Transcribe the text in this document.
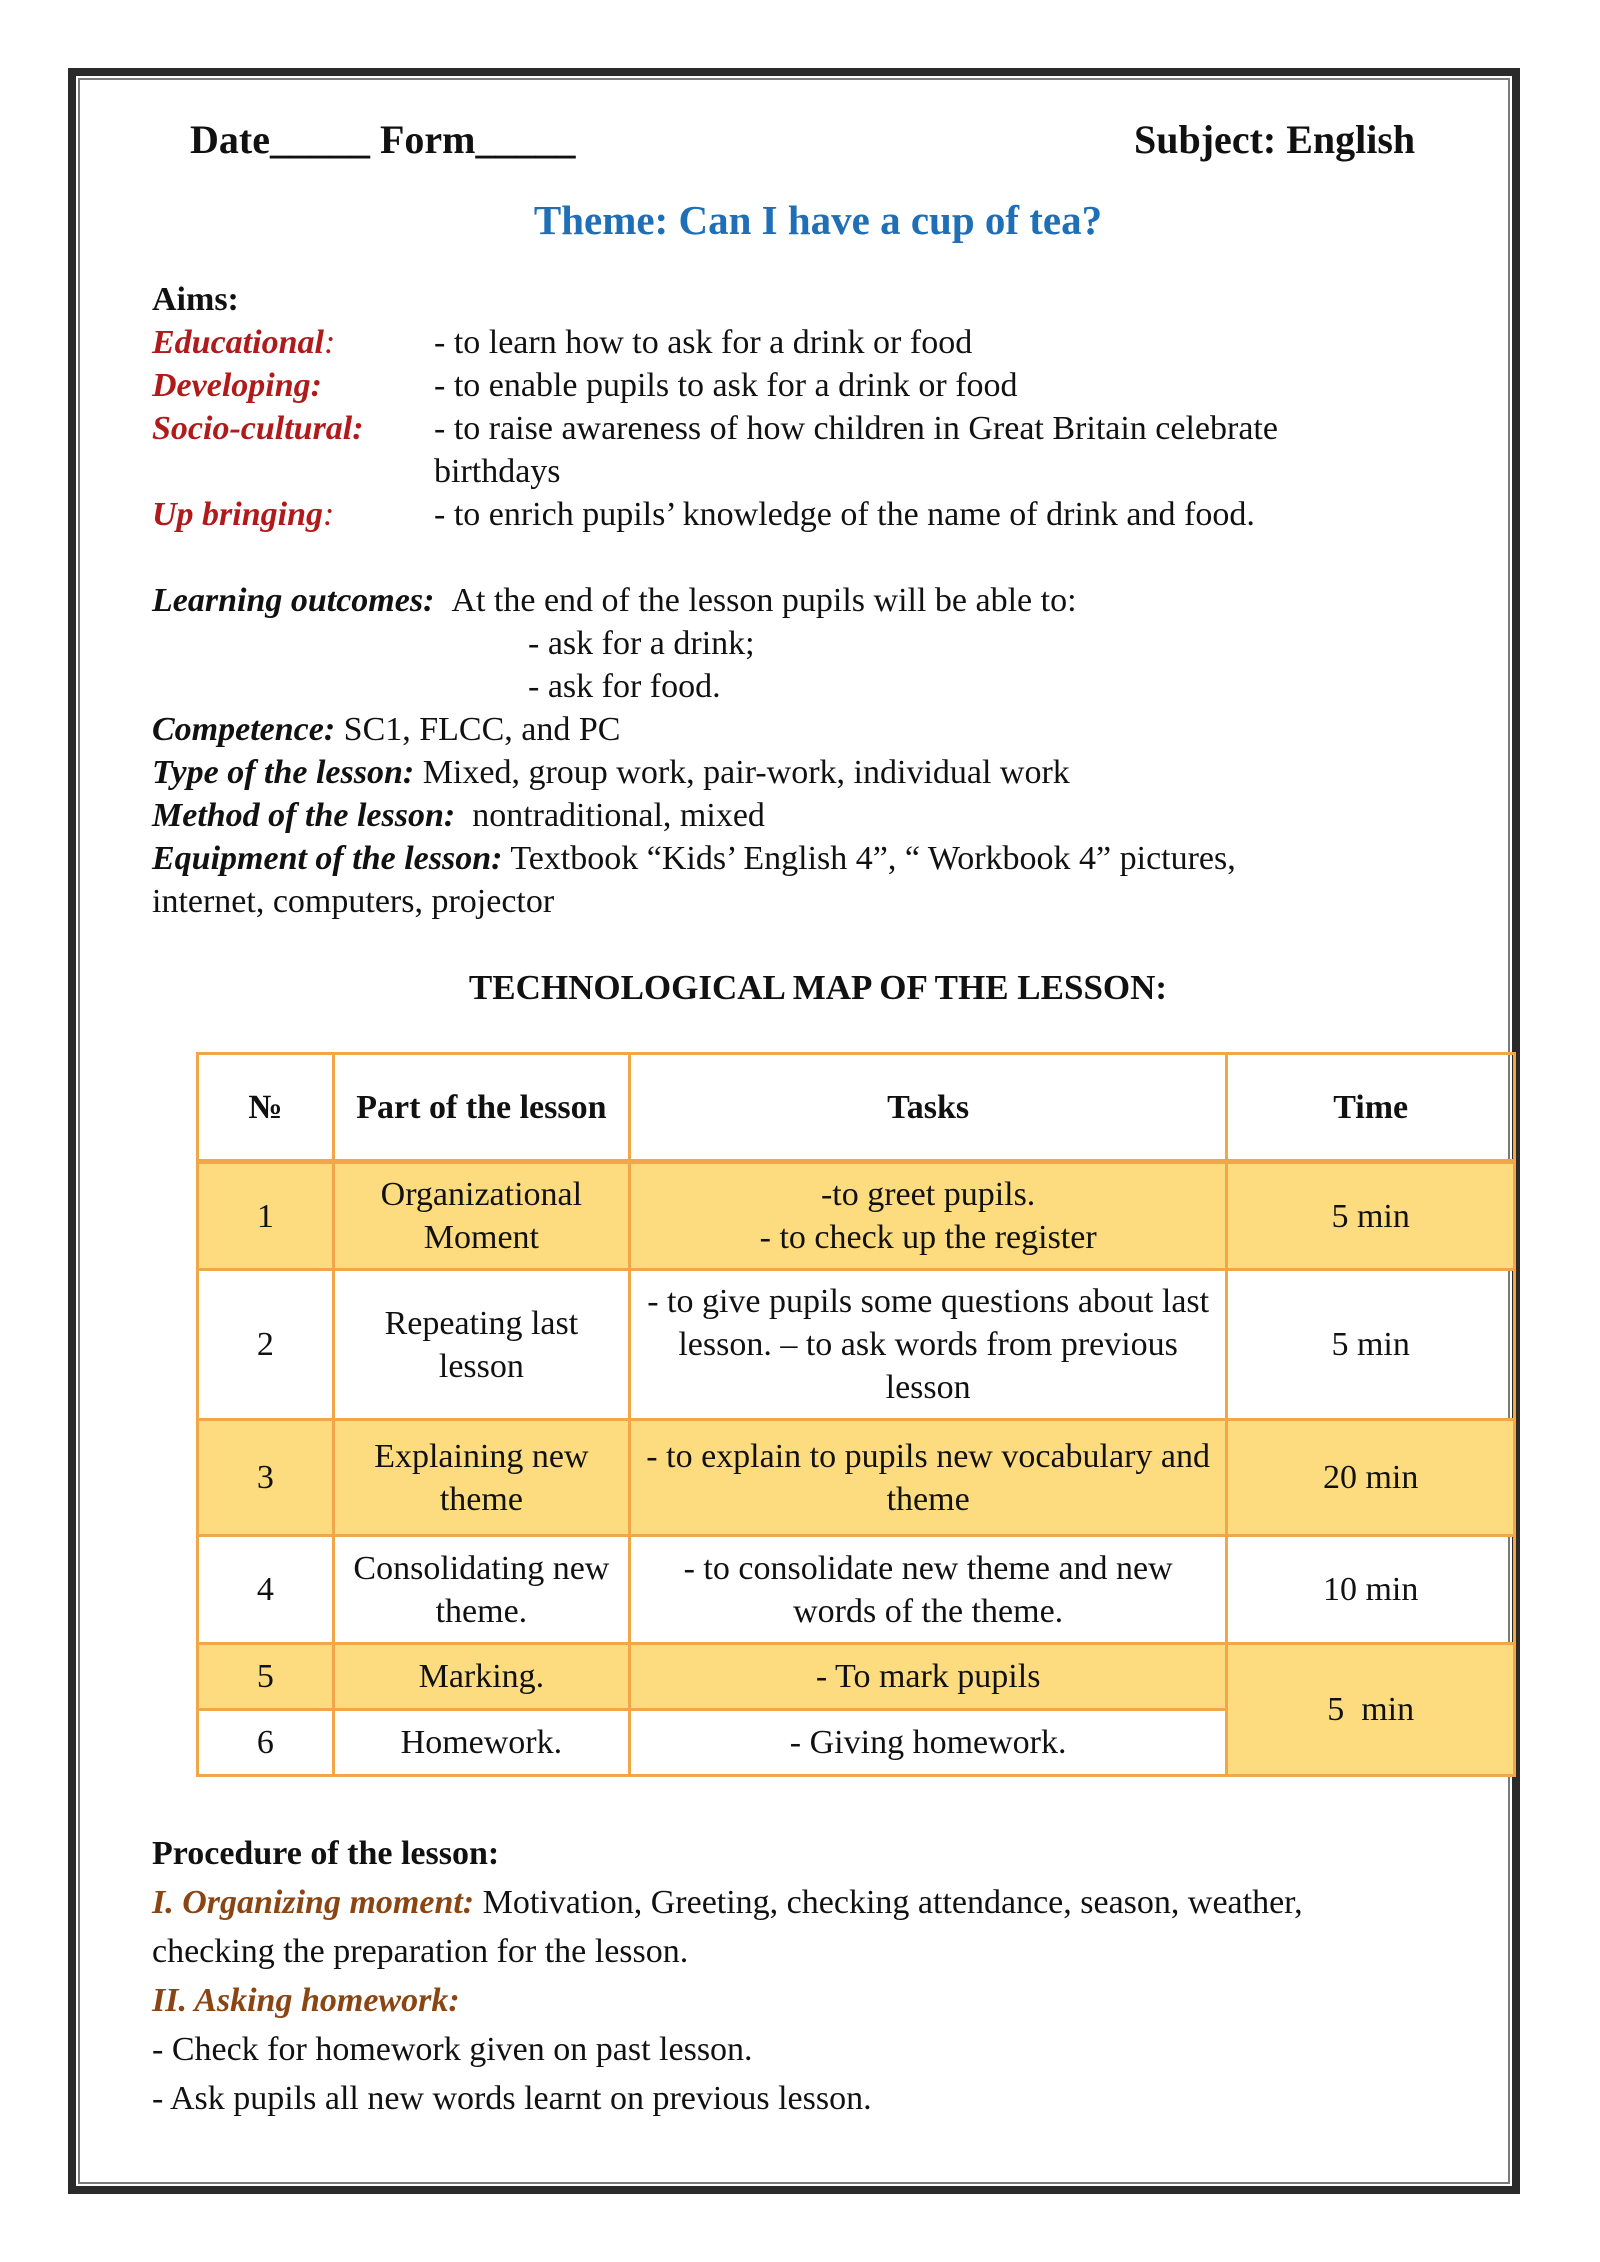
Date_____ Form_____	Subject: English
Theme: Can I have a cup of tea?
Aims:
Educational:	- to learn how to ask for a drink or food
Developing:	- to enable pupils to ask for a drink or food
Socio-cultural: - to raise awareness of how children in Great Britain celebrate
birthdays
Up bringing:	- to enrich pupils’ knowledge of the name of drink and food.
Learning outcomes: At the end of the lesson pupils will be able to:
- ask for a drink;
- ask for food.
Competence: SC1, FLCC, and PC
Type of the lesson: Mixed, group work, pair-work, individual work
Method of the lesson:  nontraditional, mixed
Equipment of the lesson: Textbook “Kids’ English 4”, “ Workbook 4” pictures,
internet, computers, projector
TECHNOLOGICAL MAP OF THE LESSON:
№	Part of the lesson	Tasks	Time
1	Organizational Moment	-to greet pupils.
- to check up the register	5 min
2	Repeating last lesson	- to give pupils some questions about last lesson. – to ask words from previous lesson	5 min
3	Explaining new theme	- to explain to pupils new vocabulary and theme	20 min
4	Consolidating new theme.	- to consolidate new theme and new words of the theme.	10 min
5	Marking.	- To mark pupils	5  min
6	Homework.	- Giving homework.	
Procedure of the lesson:
I. Organizing moment: Motivation, Greeting, checking attendance, season, weather,
checking the preparation for the lesson.
II. Asking homework:
- Check for homework given on past lesson.
- Ask pupils all new words learnt on previous lesson.
